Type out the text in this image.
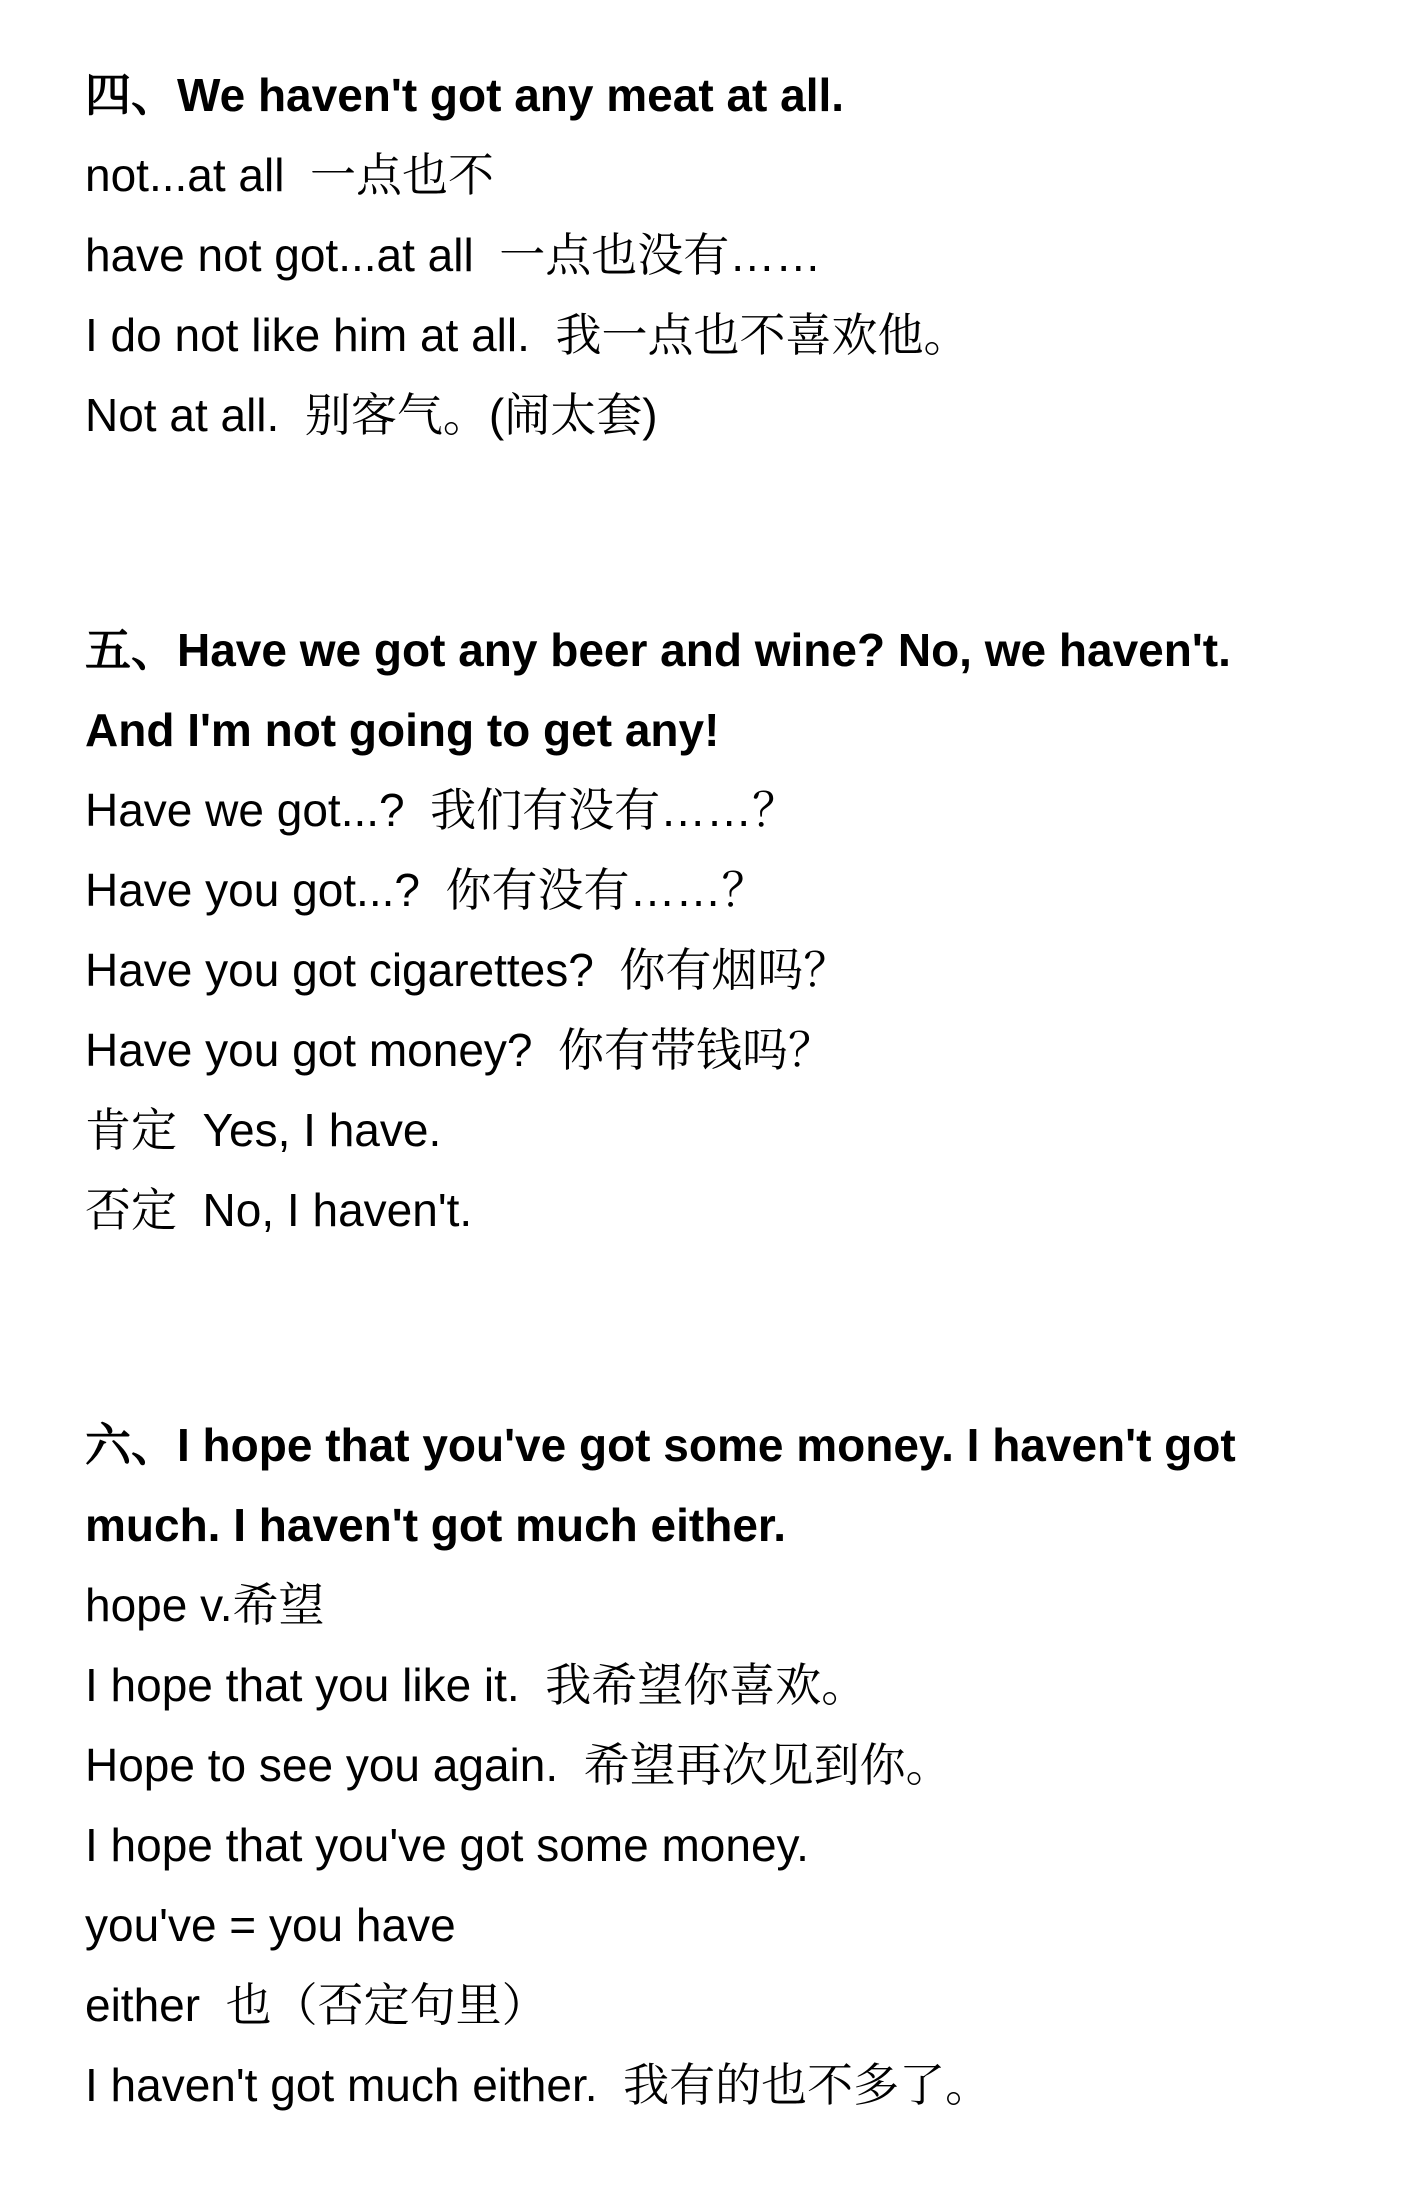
四、We haven't got any meat at all.
not...at all  一点也不
have not got...at all  一点也没有……
I do not like him at all.  我一点也不喜欢他。
Not at all.  别客气。(闹太套)
五、Have we got any beer and wine? No, we haven't.
And I'm not going to get any!
Have we got...?  我们有没有……？
Have you got...?  你有没有……？
Have you got cigarettes?  你有烟吗？
Have you got money?  你有带钱吗？
肯定  Yes, I have.
否定  No, I haven't.
六、I hope that you've got some money. I haven't got
much. I haven't got much either.
hope v.希望
I hope that you like it.  我希望你喜欢。
Hope to see you again.  希望再次见到你。
I hope that you've got some money.
you've = you have
either  也（否定句里）
I haven't got much either.  我有的也不多了。
